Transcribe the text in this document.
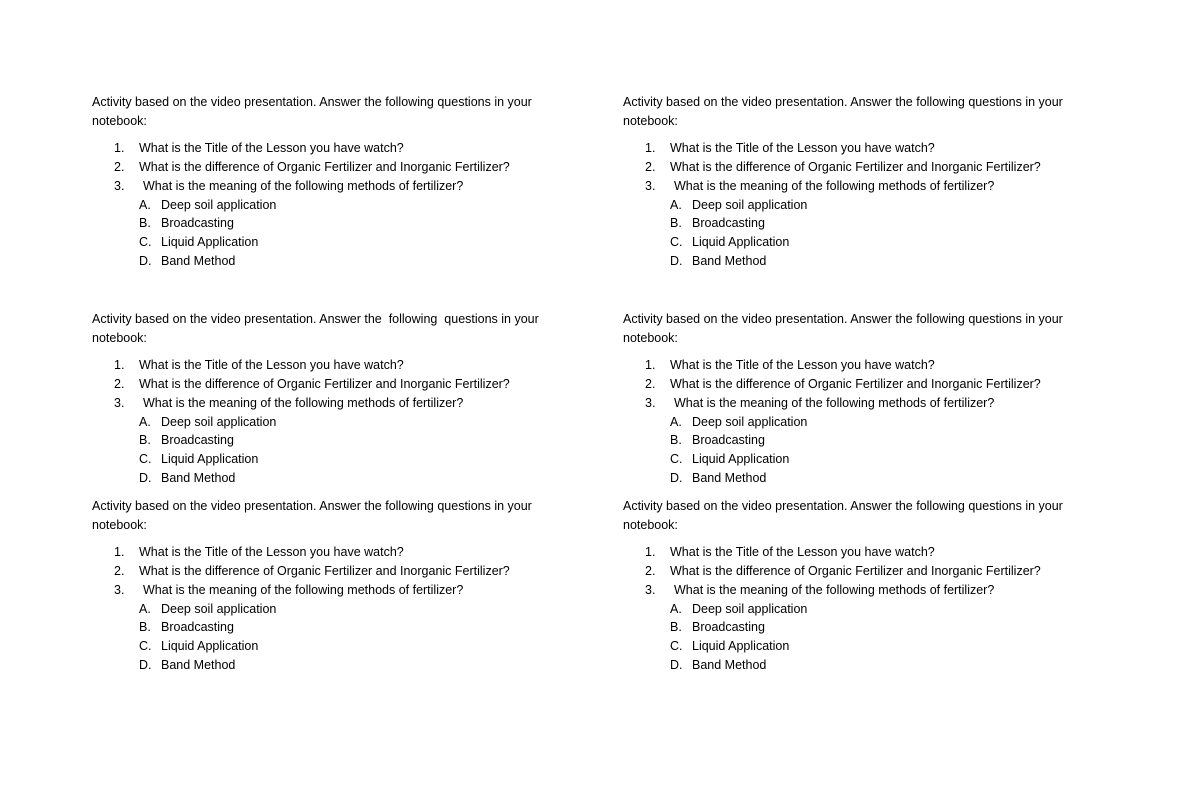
Activity based on the video presentation. Answer the following questions in your notebook:

1.	What is the Title of the Lesson you have watch?
2.	What is the difference of Organic Fertilizer and Inorganic Fertilizer?
3.	What is the meaning of the following methods of fertilizer?
A. Deep soil application
B. Broadcasting
C. Liquid Application
D. Band Method

Activity based on the video presentation. Answer the following questions in your notebook:

1.	What is the Title of the Lesson you have watch?
2.	What is the difference of Organic Fertilizer and Inorganic Fertilizer?
3.	What is the meaning of the following methods of fertilizer?
A. Deep soil application
B. Broadcasting
C. Liquid Application
D. Band Method

Activity based on the video presentation. Answer the  following  questions in your notebook:

1.	What is the Title of the Lesson you have watch?
2.	What is the difference of Organic Fertilizer and Inorganic Fertilizer?
3.	What is the meaning of the following methods of fertilizer?
A. Deep soil application
B. Broadcasting
C. Liquid Application
D. Band Method

Activity based on the video presentation. Answer the following questions in your notebook:

1.	What is the Title of the Lesson you have watch?
2.	What is the difference of Organic Fertilizer and Inorganic Fertilizer?
3.	What is the meaning of the following methods of fertilizer?
A. Deep soil application
B. Broadcasting
C. Liquid Application
D. Band Method

Activity based on the video presentation. Answer the following questions in your notebook:

1.	What is the Title of the Lesson you have watch?
2.	What is the difference of Organic Fertilizer and Inorganic Fertilizer?
3.	What is the meaning of the following methods of fertilizer?
A. Deep soil application
B. Broadcasting
C. Liquid Application
D. Band Method

Activity based on the video presentation. Answer the following questions in your notebook:

1.	What is the Title of the Lesson you have watch?
2.	What is the difference of Organic Fertilizer and Inorganic Fertilizer?
3.	What is the meaning of the following methods of fertilizer?
A. Deep soil application
B. Broadcasting
C. Liquid Application
D. Band Method
